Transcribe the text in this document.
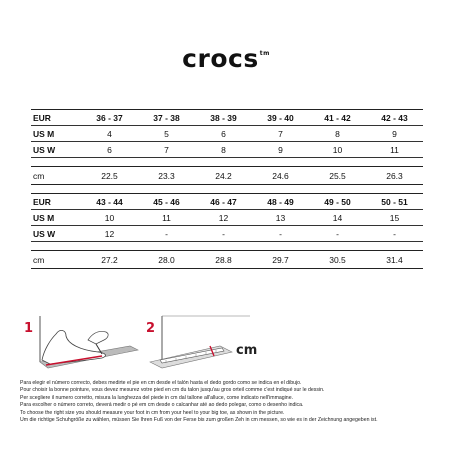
crocs$^{tm}$
EUR	36 - 37	37 - 38	38 - 39	39 - 40	41 - 42	42 - 43
US M	4	5	6	7	8	9
US W	6	7	8	9	10	11

cm	22.5	23.3	24.2	24.6	25.5	26.3
EUR	43 - 44	45 - 46	46 - 47	48 - 49	49 - 50	50 - 51
US M	10	11	12	13	14	15
US W	12	-	-	-	-	-

cm	27.2	28.0	28.8	29.7	30.5	31.4
1	2
cm
Para elegir el número correcto, debes medirte el pie en cm desde el talón hasta el dedo gordo como se indica en el dibujo.
Pour choisir la bonne pointure, vous devez mesurez votre pied en cm du talon jusqu'au gros orteil comme c'est indiqué sur le dessin.
Per scegliere il numero corretto, misura la lunghezza del piede in cm dal tallone all'alluce, come indicato nell'immagine.
Para escolher o número correto, deverá medir o pé em cm desde o calcanhar até ao dedo polegar, como o desenho indica.
To choose the right size you should measure your foot in cm from your heel to your big toe, as shown in the picture.
Um die richtige Schuhgröße zu wählen, müssen Sie Ihren Fuß von der Ferse bis zum großen Zeh in cm messen, so wie es in der Zeichnung angegeben ist.
